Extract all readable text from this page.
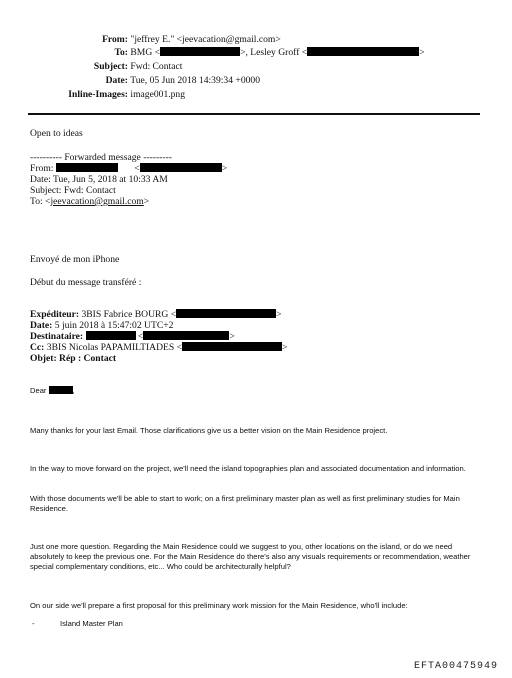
From: "jeffrey E." <jeevacation@gmail.com>
To: BMG <	>, Lesley Groff <	>
Subject: Fwd: Contact
Date: Tue, 05 Jun 2018 14:39:34 +0000
Inline-Images: image001.png
Open to ideas
---------- Forwarded message ---------
From:	<	>
Date: Tue, Jun 5, 2018 at 10:33 AM
Subject: Fwd: Contact
To: <jeevacation@gmail.com>
Envoyé de mon iPhone
Début du message transféré :
Expéditeur: 3BIS Fabrice BOURG <	>
Date: 5 juin 2018 à 15:47:02 UTC+2
Destinataire:	<	>
Cc: 3BIS Nicolas PAPAMILTIADES <	>
Objet: Rép : Contact
Dear	,
Many thanks for your last Email. Those clarifications give us a better vision on the Main Residence project.
In the way to move forward on the project, we'll need the island topographies plan and associated documentation and information.
With those documents we'll be able to start to work; on a first preliminary master plan as well as first preliminary studies for Main Residence.
Just one more question. Regarding the Main Residence could we suggest to you, other locations on the island, or do we need absolutely to keep the previous one. For the Main Residence do there's also any visuals requirements or recommendation, weather special complementary conditions, etc... Who could be architecturally helpful?
On our side we'll prepare a first proposal for this preliminary work mission for the Main Residence, who'll include:
-	Island Master Plan
EFTA00475949
